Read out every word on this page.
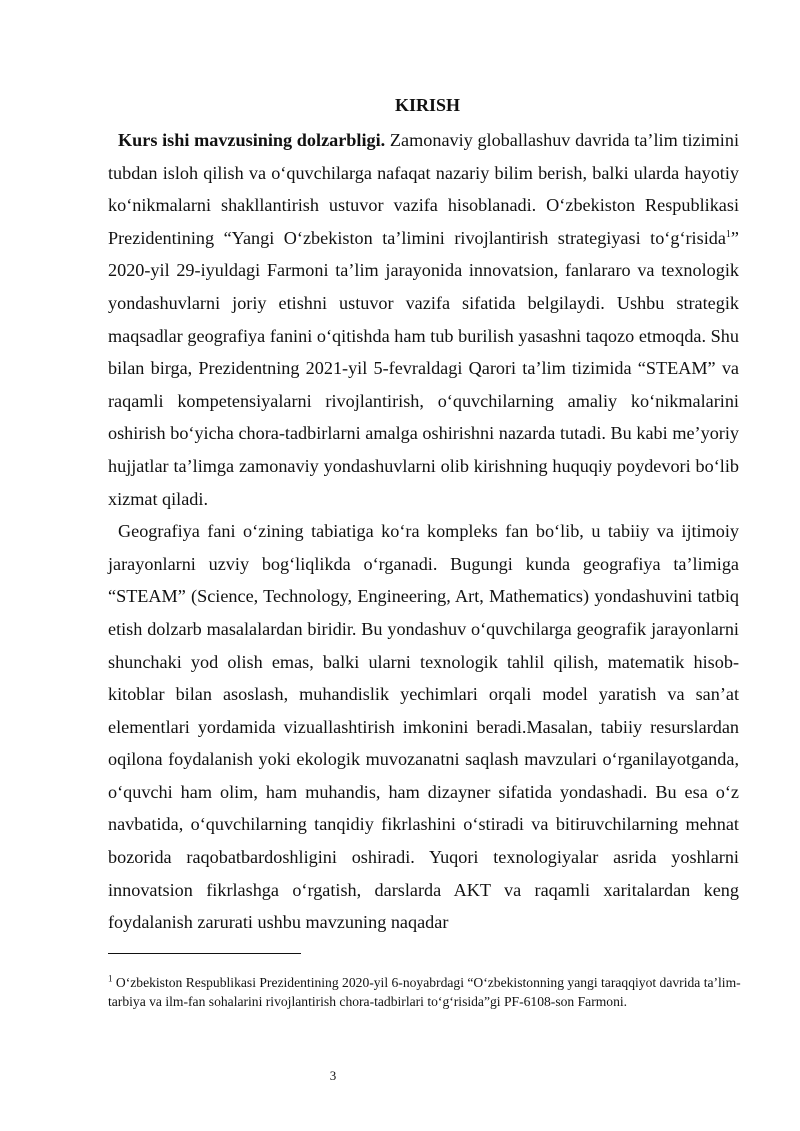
KIRISH

Kurs ishi mavzusining dolzarbligi. Zamonaviy globallashuv davrida ta’lim tizimini tubdan isloh qilish va o‘quvchilarga nafaqat nazariy bilim berish, balki ularda hayotiy ko‘nikmalarni shakllantirish ustuvor vazifa hisoblanadi. O‘zbekiston Respublikasi Prezidentining “Yangi O‘zbekiston ta’limini rivojlantirish strategiyasi to‘g‘risida$^1$” 2020-yil 29-iyuldagi Farmoni ta’lim jarayonida innovatsion, fanlararo va texnologik yondashuvlarni joriy etishni ustuvor vazifa sifatida belgilaydi. Ushbu strategik maqsadlar geografiya fanini o‘qitishda ham tub burilish yasashni taqozo etmoqda. Shu bilan birga, Prezidentning 2021-yil 5-fevraldagi Qarori ta’lim tizimida “STEAM” va raqamli kompetensiyalarni rivojlantirish, o‘quvchilarning amaliy ko‘nikmalarini oshirish bo‘yicha chora-tadbirlarni amalga oshirishni nazarda tutadi. Bu kabi me’yoriy hujjatlar ta’limga zamonaviy yondashuvlarni olib kirishning huquqiy poydevori bo‘lib xizmat qiladi.

Geografiya fani o‘zining tabiatiga ko‘ra kompleks fan bo‘lib, u tabiiy va ijtimoiy jarayonlarni uzviy bog‘liqlikda o‘rganadi. Bugungi kunda geografiya ta’limiga “STEAM” (Science, Technology, Engineering, Art, Mathematics) yondashuvini tatbiq etish dolzarb masalalardan biridir. Bu yondashuv o‘quvchilarga geografik jarayonlarni shunchaki yod olish emas, balki ularni texnologik tahlil qilish, matematik hisob-kitoblar bilan asoslash, muhandislik yechimlari orqali model yaratish va san’at elementlari yordamida vizuallashtirish imkonini beradi.Masalan, tabiiy resurslardan oqilona foydalanish yoki ekologik muvozanatni saqlash mavzulari o‘rganilayotganda, o‘quvchi ham olim, ham muhandis, ham dizayner sifatida yondashadi. Bu esa o‘z navbatida, o‘quvchilarning tanqidiy fikrlashini o‘stiradi va bitiruvchilarning mehnat bozorida raqobatbardoshligini oshiradi. Yuqori texnologiyalar asrida yoshlarni innovatsion fikrlashga o‘rgatish, darslarda AKT va raqamli xaritalardan keng foydalanish zarurati ushbu mavzuning naqadar

$^1$ O‘zbekiston Respublikasi Prezidentining 2020-yil 6-noyabrdagi “O‘zbekistonning yangi taraqqiyot davrida ta’lim-tarbiya va ilm-fan sohalarini rivojlantirish chora-tadbirlari to‘g‘risida”gi PF-6108-son Farmoni.

3
